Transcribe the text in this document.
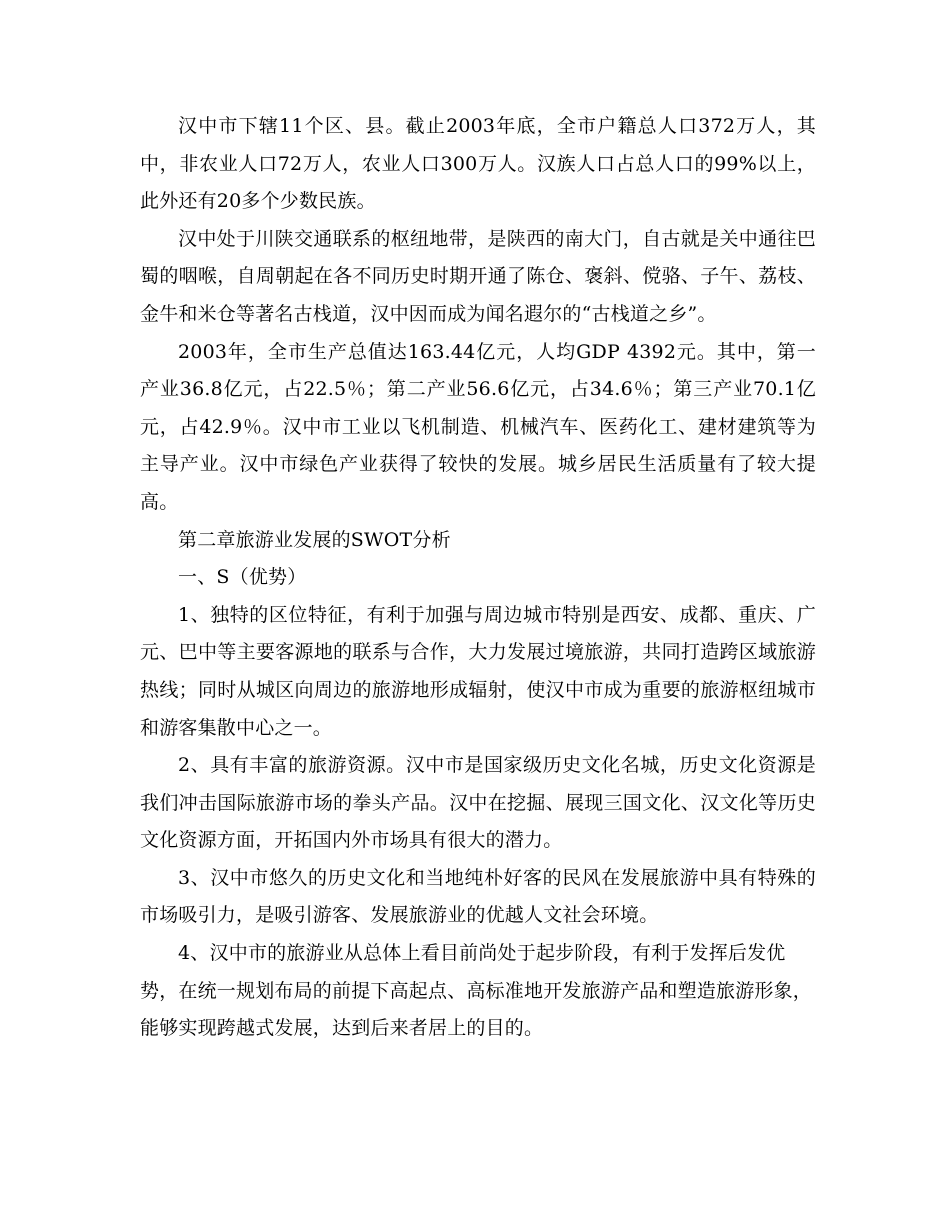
汉中市下辖11个区、县。截止2003年底，全市户籍总人口372万人，其中，非农业人口72万人，农业人口300万人。汉族人口占总人口的99%以上，此外还有20多个少数民族。

汉中处于川陕交通联系的枢纽地带，是陕西的南大门，自古就是关中通往巴蜀的咽喉，自周朝起在各不同历史时期开通了陈仓、褒斜、傥骆、子午、荔枝、金牛和米仓等著名古栈道，汉中因而成为闻名遐尔的“古栈道之乡”。

2003年，全市生产总值达163.44亿元，人均GDP 4392元。其中，第一产业36.8亿元，占22.5％；第二产业56.6亿元，占34.6％；第三产业70.1亿元，占42.9％。汉中市工业以飞机制造、机械汽车、医药化工、建材建筑等为主导产业。汉中市绿色产业获得了较快的发展。城乡居民生活质量有了较大提高。

第二章旅游业发展的SWOT分析

一、S（优势）

1、独特的区位特征，有利于加强与周边城市特别是西安、成都、重庆、广元、巴中等主要客源地的联系与合作，大力发展过境旅游，共同打造跨区域旅游热线；同时从城区向周边的旅游地形成辐射，使汉中市成为重要的旅游枢纽城市和游客集散中心之一。

2、具有丰富的旅游资源。汉中市是国家级历史文化名城，历史文化资源是我们冲击国际旅游市场的拳头产品。汉中在挖掘、展现三国文化、汉文化等历史文化资源方面，开拓国内外市场具有很大的潜力。

3、汉中市悠久的历史文化和当地纯朴好客的民风在发展旅游中具有特殊的市场吸引力，是吸引游客、发展旅游业的优越人文社会环境。

4、汉中市的旅游业从总体上看目前尚处于起步阶段，有利于发挥后发优势，在统一规划布局的前提下高起点、高标准地开发旅游产品和塑造旅游形象，能够实现跨越式发展，达到后来者居上的目的。
